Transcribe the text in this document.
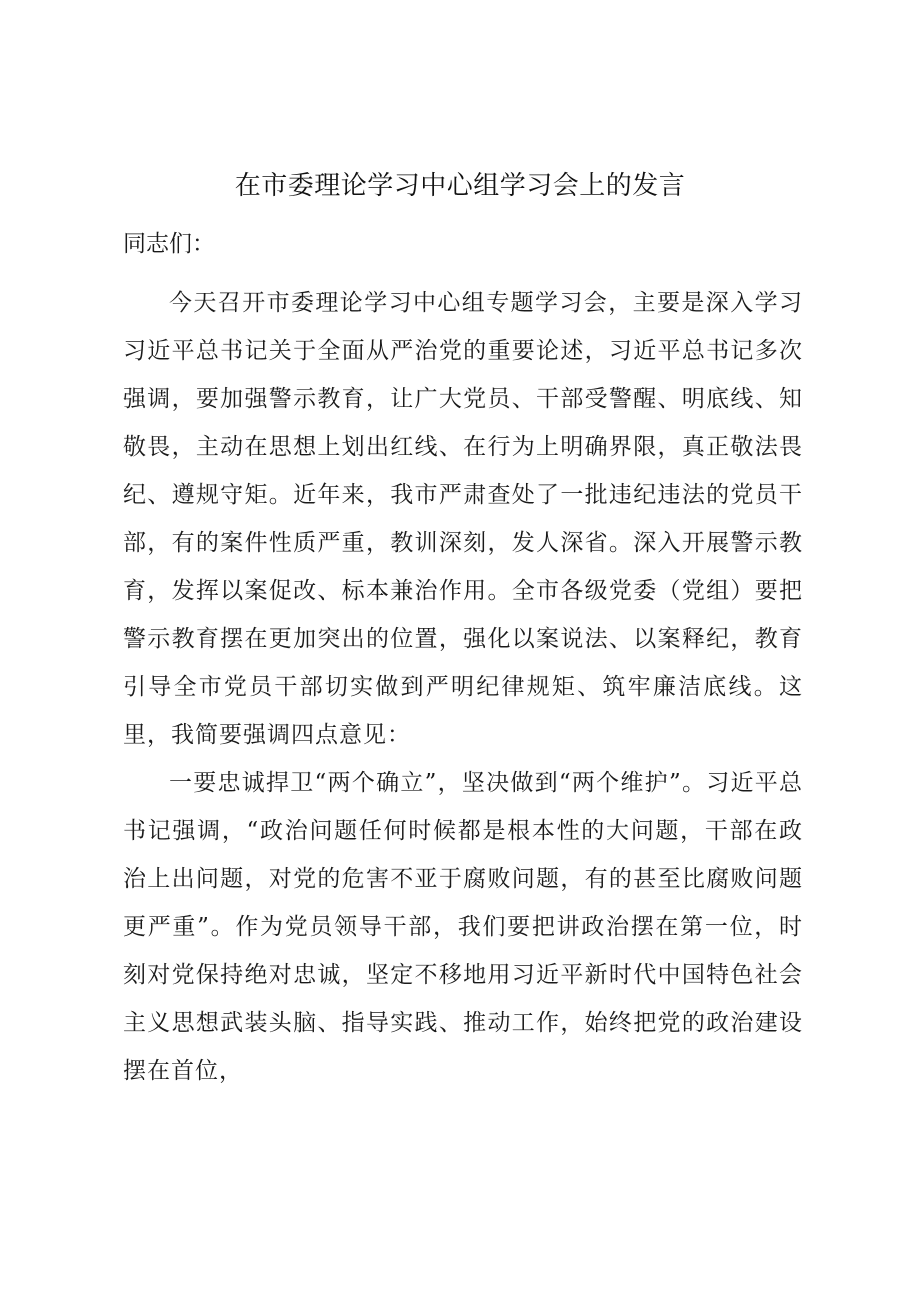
在市委理论学习中心组学习会上的发言

同志们：

今天召开市委理论学习中心组专题学习会，主要是深入学习习近平总书记关于全面从严治党的重要论述，习近平总书记多次强调，要加强警示教育，让广大党员、干部受警醒、明底线、知敬畏，主动在思想上划出红线、在行为上明确界限，真正敬法畏纪、遵规守矩。近年来，我市严肃查处了一批违纪违法的党员干部，有的案件性质严重，教训深刻，发人深省。深入开展警示教育，发挥以案促改、标本兼治作用。全市各级党委（党组）要把警示教育摆在更加突出的位置，强化以案说法、以案释纪，教育引导全市党员干部切实做到严明纪律规矩、筑牢廉洁底线。这里，我简要强调四点意见：

一要忠诚捍卫“两个确立”，坚决做到“两个维护”。习近平总书记强调，“政治问题任何时候都是根本性的大问题，干部在政治上出问题，对党的危害不亚于腐败问题，有的甚至比腐败问题更严重”。作为党员领导干部，我们要把讲政治摆在第一位，时刻对党保持绝对忠诚，坚定不移地用习近平新时代中国特色社会主义思想武装头脑、指导实践、推动工作，始终把党的政治建设摆在首位，
